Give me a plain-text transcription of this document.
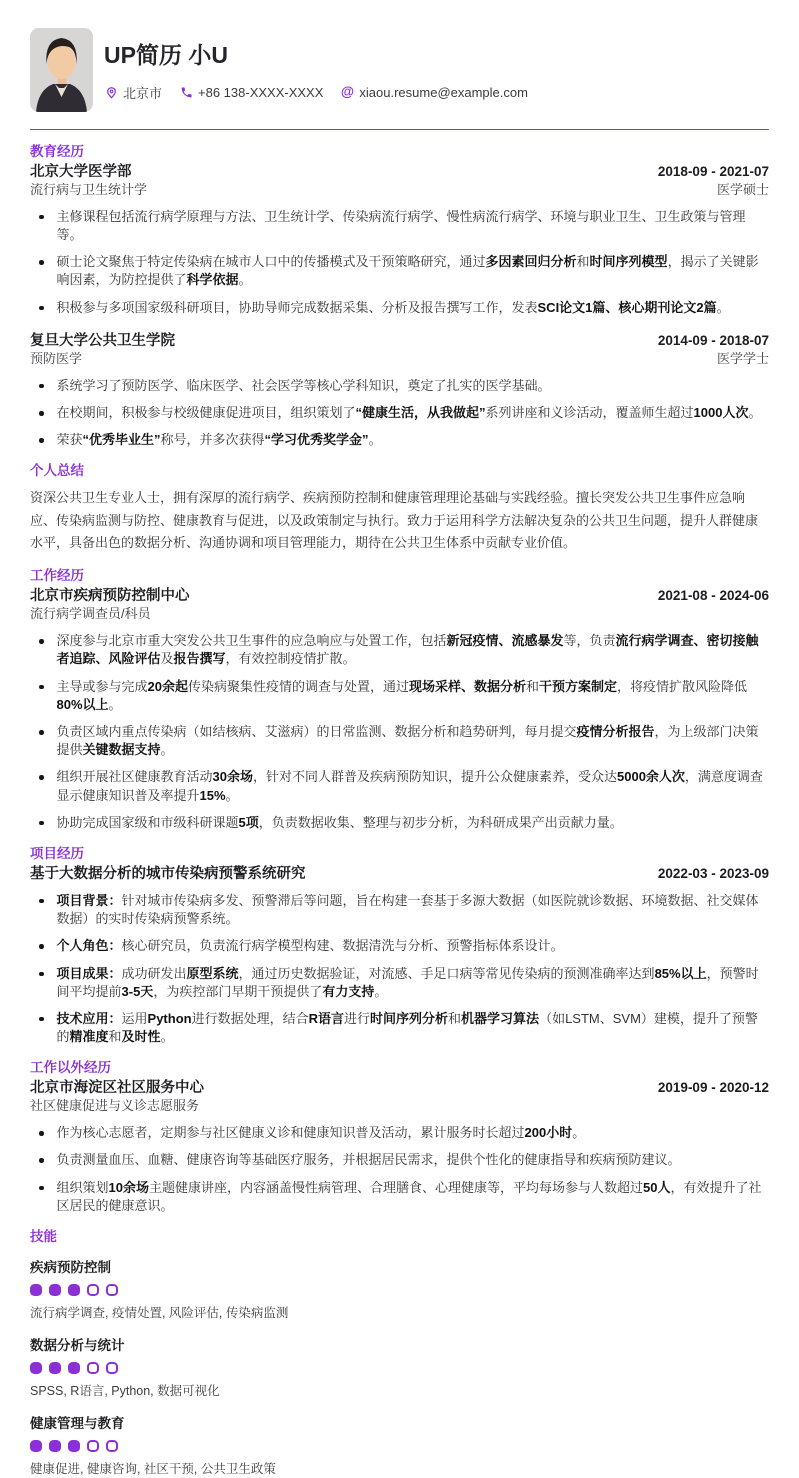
UP简历 小U
北京市	+86 138-XXXX-XXXX @ xiaou.resume@example.com
教育经历
北京大学医学部	2018-09 - 2021-07
流行病与卫生统计学	医学硕士
主修课程包括流行病学原理与方法、卫生统计学、传染病流行病学、慢性病流行病学、环境与职业卫生、卫生政策与管理等。
硕士论文聚焦于特定传染病在城市人口中的传播模式及干预策略研究，通过多因素回归分析和时间序列模型，揭示了关键影响因素，为防控提供了科学依据。
积极参与多项国家级科研项目，协助导师完成数据采集、分析及报告撰写工作，发表SCI论文1篇、核心期刊论文2篇。
复旦大学公共卫生学院	2014-09 - 2018-07
预防医学	医学学士
系统学习了预防医学、临床医学、社会医学等核心学科知识，奠定了扎实的医学基础。
在校期间，积极参与校级健康促进项目，组织策划了“健康生活，从我做起”系列讲座和义诊活动，覆盖师生超过1000人次。
荣获“优秀毕业生”称号，并多次获得“学习优秀奖学金”。
个人总结

资深公共卫生专业人士，拥有深厚的流行病学、疾病预防控制和健康管理理论基础与实践经验。擅长突发公共卫生事件应急响应、传染病监测与防控、健康教育与促进，以及政策制定与执行。致力于运用科学方法解决复杂的公共卫生问题，提升人群健康水平，具备出色的数据分析、沟通协调和项目管理能力，期待在公共卫生体系中贡献专业价值。

工作经历
北京市疾病预防控制中心	2021-08 - 2024-06
流行病学调查员/科员
深度参与北京市重大突发公共卫生事件的应急响应与处置工作，包括新冠疫情、流感暴发等，负责流行病学调查、密切接触者追踪、风险评估及报告撰写，有效控制疫情扩散。
主导或参与完成20余起传染病聚集性疫情的调查与处置，通过现场采样、数据分析和干预方案制定，将疫情扩散风险降低80%以上。
负责区域内重点传染病（如结核病、艾滋病）的日常监测、数据分析和趋势研判，每月提交疫情分析报告，为上级部门决策提供关键数据支持。
组织开展社区健康教育活动30余场，针对不同人群普及疾病预防知识，提升公众健康素养，受众达5000余人次，满意度调查显示健康知识普及率提升15%。
协助完成国家级和市级科研课题5项，负责数据收集、整理与初步分析，为科研成果产出贡献力量。
项目经历
基于大数据分析的城市传染病预警系统研究	2022-03 - 2023-09
项目背景：针对城市传染病多发、预警滞后等问题，旨在构建一套基于多源大数据（如医院就诊数据、环境数据、社交媒体数据）的实时传染病预警系统。
个人角色：核心研究员，负责流行病学模型构建、数据清洗与分析、预警指标体系设计。
项目成果：成功研发出原型系统，通过历史数据验证，对流感、手足口病等常见传染病的预测准确率达到85%以上，预警时间平均提前3-5天，为疾控部门早期干预提供了有力支持。
技术应用：运用Python进行数据处理，结合R语言进行时间序列分析和机器学习算法（如LSTM、SVM）建模，提升了预警的精准度和及时性。
工作以外经历
北京市海淀区社区服务中心	2019-09 - 2020-12
社区健康促进与义诊志愿服务
作为核心志愿者，定期参与社区健康义诊和健康知识普及活动，累计服务时长超过200小时。
负责测量血压、血糖、健康咨询等基础医疗服务，并根据居民需求，提供个性化的健康指导和疾病预防建议。
组织策划10余场主题健康讲座，内容涵盖慢性病管理、合理膳食、心理健康等，平均每场参与人数超过50人，有效提升了社区居民的健康意识。
技能
疾病预防控制
流行病学调查, 疫情处置, 风险评估, 传染病监测
数据分析与统计
SPSS, R语言, Python, 数据可视化
健康管理与教育
健康促进, 健康咨询, 社区干预, 公共卫生政策
